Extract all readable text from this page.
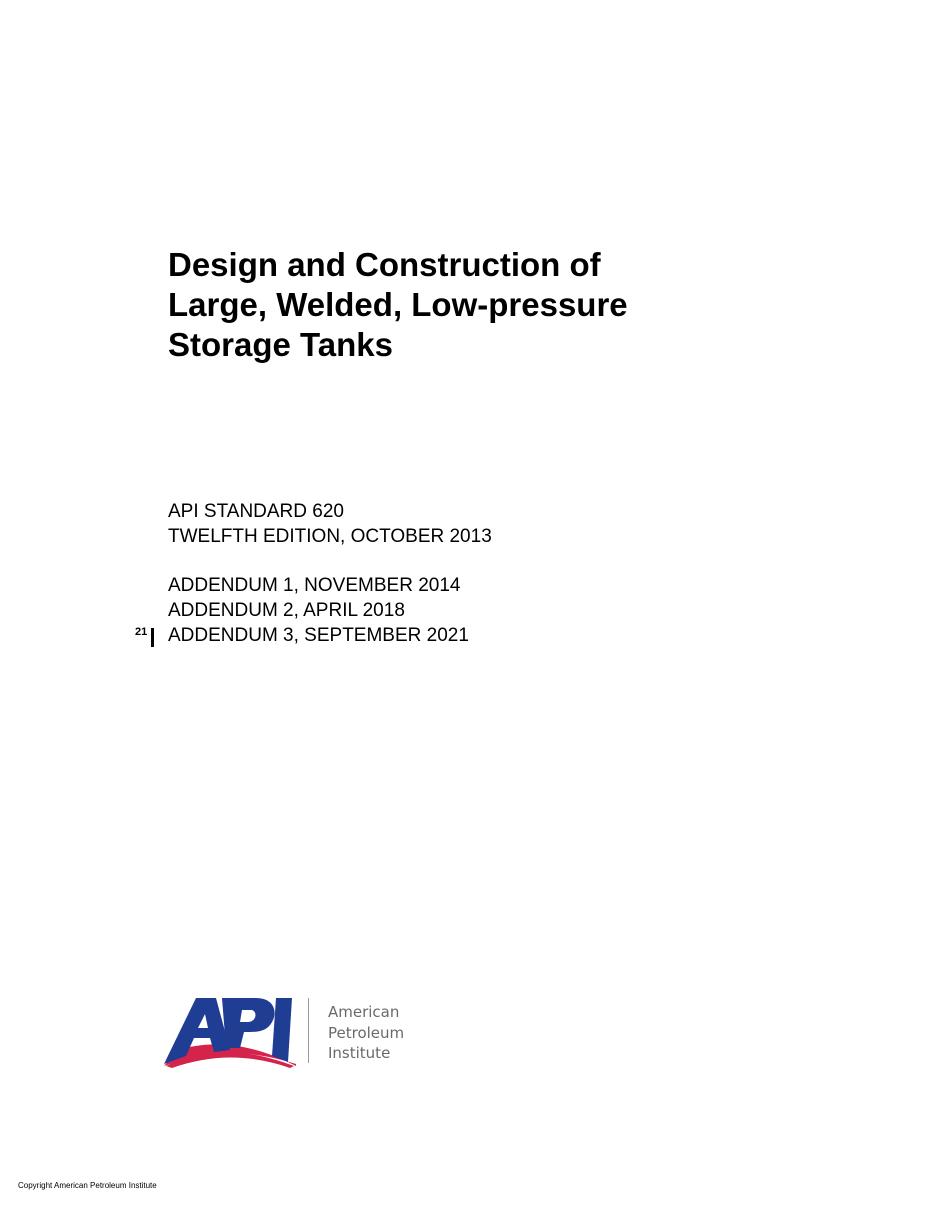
Design and Construction of
Large, Welded, Low-pressure
Storage Tanks
API STANDARD 620
TWELFTH EDITION, OCTOBER 2013
ADDENDUM 1, NOVEMBER 2014
ADDENDUM 2, APRIL 2018
ADDENDUM 3, SEPTEMBER 2021
21
American
Petroleum
Institute
Copyright American Petroleum Institute
